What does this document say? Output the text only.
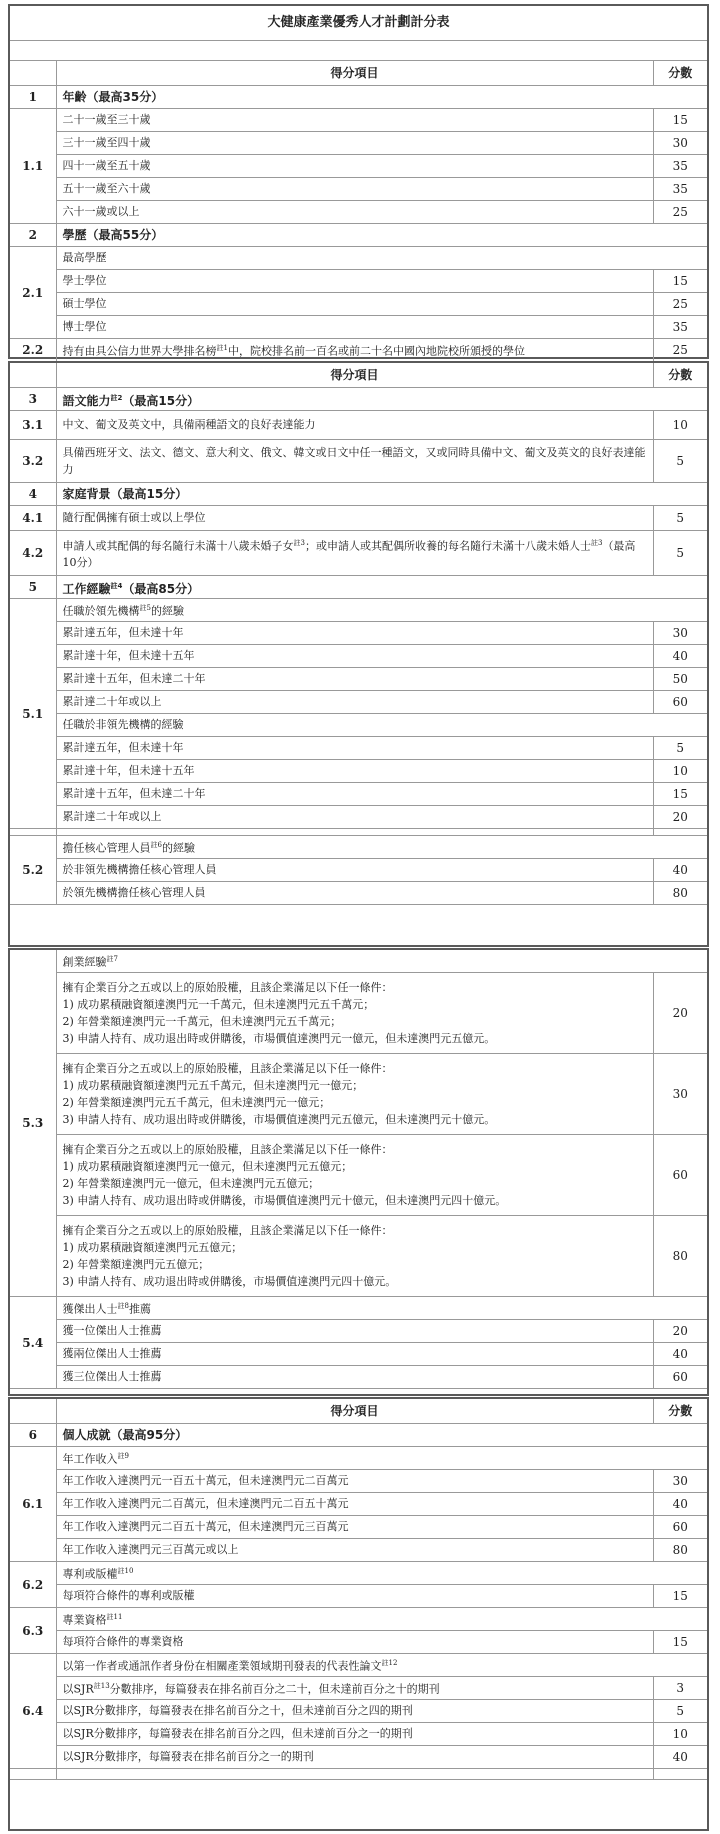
大健康產業優秀人才計劃計分表
	得分項目	分數
1	年齡（最高35分）	
1.1	二十一歲至三十歲	15
	三十一歲至四十歲	30
	四十一歲至五十歲	35
	五十一歲至六十歲	35
	六十一歲或以上	25
2	學歷（最高55分）	
2.1	最高學歷	
	學士學位	15
	碩士學位	25
	博士學位	35
2.2	持有由具公信力世界大學排名榜$^{註1}$中，院校排名前一百名或前二十名中國內地院校所頒授的學位	25
	得分項目	分數
3	語文能力$^{註2}$（最高15分）	
3.1	中文、葡文及英文中，具備兩種語文的良好表達能力	10
3.2	具備西班牙文、法文、德文、意大利文、俄文、韓文或日文中任一種語文，又或同時具備中文、葡文及英文的良好表達能力	5
4	家庭背景（最高15分）	
4.1	隨行配偶擁有碩士或以上學位	5
4.2	申請人或其配偶的每名隨行未滿十八歲未婚子女$^{註3}$；或申請人或其配偶所收養的每名隨行未滿十八歲未婚人士$^{註3}$（最高10分）	5
5	工作經驗$^{註4}$（最高85分）	
5.1	任職於領先機構$^{註5}$的經驗	
	累計達五年，但未達十年	30
	累計達十年，但未達十五年	40
	累計達十五年，但未達二十年	50
	累計達二十年或以上	60
	任職於非領先機構的經驗	
	累計達五年，但未達十年	5
	累計達十年，但未達十五年	10
	累計達十五年，但未達二十年	15
	累計達二十年或以上	20

5.2	擔任核心管理人員$^{註6}$的經驗	
	於非領先機構擔任核心管理人員	40
	於領先機構擔任核心管理人員	80
5.3	創業經驗$^{註7}$

	擁有企業百分之五或以上的原始股權，且該企業滿足以下任一條件：
1) 成功累積融資額達澳門元一千萬元，但未達澳門元五千萬元；
2) 年營業額達澳門元一千萬元，但未達澳門元五千萬元；
3) 申請人持有、成功退出時或併購後，市場價值達澳門元一億元，但未達澳門元五億元。	20

	擁有企業百分之五或以上的原始股權，且該企業滿足以下任一條件：
1) 成功累積融資額達澳門元五千萬元，但未達澳門元一億元；
2) 年營業額達澳門元五千萬元，但未達澳門元一億元；
3) 申請人持有、成功退出時或併購後，市場價值達澳門元五億元，但未達澳門元十億元。	30

	擁有企業百分之五或以上的原始股權，且該企業滿足以下任一條件：
1) 成功累積融資額達澳門元一億元，但未達澳門元五億元；
2) 年營業額達澳門元一億元，但未達澳門元五億元；
3) 申請人持有、成功退出時或併購後，市場價值達澳門元十億元，但未達澳門元四十億元。	60

	擁有企業百分之五或以上的原始股權，且該企業滿足以下任一條件：
1) 成功累積融資額達澳門元五億元；
2) 年營業額達澳門元五億元；
3) 申請人持有、成功退出時或併購後，市場價值達澳門元四十億元。	80
5.4	獲傑出人士$^{註8}$推薦	
	獲一位傑出人士推薦	20
	獲兩位傑出人士推薦	40
	獲三位傑出人士推薦	60
	得分項目	分數
6	個人成就（最高95分）	
6.1	年工作收入$^{註9}$
	年工作收入達澳門元一百五十萬元，但未達澳門元二百萬元	30
	年工作收入達澳門元二百萬元，但未達澳門元二百五十萬元	40
	年工作收入達澳門元二百五十萬元，但未達澳門元三百萬元	60
	年工作收入達澳門元三百萬元或以上	80
6.2	專利或版權$^{註10}$
	每項符合條件的專利或版權	15
6.3	專業資格$^{註11}$
	每項符合條件的專業資格	15
6.4	以第一作者或通訊作者身份在相關產業領域期刊發表的代表性論文$^{註12}$
	以SJR$^{註13}$分數排序，每篇發表在排名前百分之二十，但未達前百分之十的期刊	3
	以SJR分數排序，每篇發表在排名前百分之十，但未達前百分之四的期刊	5
	以SJR分數排序，每篇發表在排名前百分之四，但未達前百分之一的期刊	10
	以SJR分數排序，每篇發表在排名前百分之一的期刊	40
